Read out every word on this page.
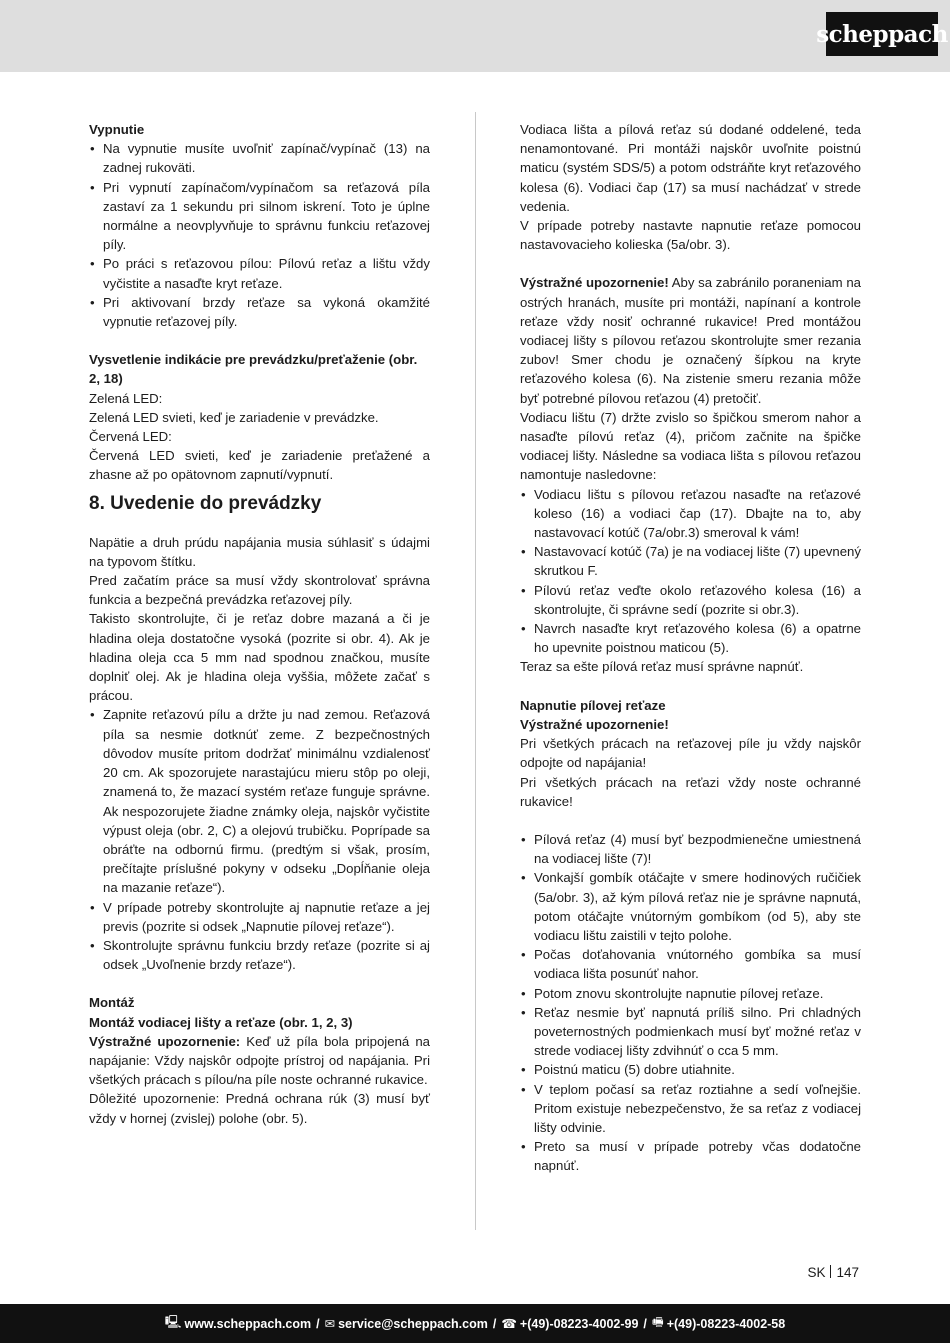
scheppach

Vypnutie

• Na vypnutie musíte uvoľniť zapínač/vypínač (13) na zadnej rukoväti.
• Pri vypnutí zapínačom/vypínačom sa reťazová píla zastaví za 1 sekundu pri silnom iskrení. Toto je úplne normálne a neovplyvňuje to správnu funkciu reťazovej píly.
• Po práci s reťazovou pílou: Pílovú reťaz a lištu vždy vyčistite a nasaďte kryt reťaze.
• Pri aktivovaní brzdy reťaze sa vykoná okamžité vypnutie reťazovej píly.

Vysvetlenie indikácie pre prevádzku/preťaženie (obr. 2, 18)

Zelená LED:

Zelená LED svieti, keď je zariadenie v prevádzke.

Červená LED:

Červená LED svieti, keď je zariadenie preťažené a zhasne až po opätovnom zapnutí/vypnutí.

8. Uvedenie do prevádzky

Napätie a druh prúdu napájania musia súhlasiť s údajmi na typovom štítku.

Pred začatím práce sa musí vždy skontrolovať správna funkcia a bezpečná prevádzka reťazovej píly.

Takisto skontrolujte, či je reťaz dobre mazaná a či je hladina oleja dostatočne vysoká (pozrite si obr. 4). Ak je hladina oleja cca 5 mm nad spodnou značkou, musíte doplniť olej. Ak je hladina oleja vyššia, môžete začať s prácou.

• Zapnite reťazovú pílu a držte ju nad zemou. Reťazová píla sa nesmie dotknúť zeme. Z bezpečnostných dôvodov musíte pritom dodržať minimálnu vzdialenosť 20 cm. Ak spozorujete narastajúcu mieru stôp po oleji, znamená to, že mazací systém reťaze funguje správne. Ak nespozorujete žiadne známky oleja, najskôr vyčistite výpust oleja (obr. 2, C) a olejovú trubičku. Poprípade sa obráťte na odbornú firmu. (predtým si však, prosím, prečítajte príslušné pokyny v odseku „Dopĺňanie oleja na mazanie reťaze“).
• V prípade potreby skontrolujte aj napnutie reťaze a jej previs (pozrite si odsek „Napnutie pílovej reťaze“).
• Skontrolujte správnu funkciu brzdy reťaze (pozrite si aj odsek „Uvoľnenie brzdy reťaze“).

Montáž

Montáž vodiacej lišty a reťaze (obr. 1, 2, 3)

Výstražné upozornenie: Keď už píla bola pripojená na napájanie: Vždy najskôr odpojte prístroj od napájania. Pri všetkých prácach s pílou/na píle noste ochranné rukavice.

Dôležité upozornenie: Predná ochrana rúk (3) musí byť vždy v hornej (zvislej) polohe (obr. 5).

Vodiaca lišta a pílová reťaz sú dodané oddelené, teda nenamontované. Pri montáži najskôr uvoľnite poistnú maticu (systém SDS/5) a potom odstráňte kryt reťazového kolesa (6). Vodiaci čap (17) sa musí nachádzať v strede vedenia.

V prípade potreby nastavte napnutie reťaze pomocou nastavovacieho kolieska (5a/obr. 3).

Výstražné upozornenie! Aby sa zabránilo poraneniam na ostrých hranách, musíte pri montáži, napínaní a kontrole reťaze vždy nosiť ochranné rukavice! Pred montážou vodiacej lišty s pílovou reťazou skontrolujte smer rezania zubov! Smer chodu je označený šípkou na kryte reťazového kolesa (6). Na zistenie smeru rezania môže byť potrebné pílovou reťazou (4) pretočiť.

Vodiacu lištu (7) držte zvislo so špičkou smerom nahor a nasaďte pílovú reťaz (4), pričom začnite na špičke vodiacej lišty. Následne sa vodiaca lišta s pílovou reťazou namontuje nasledovne:

• Vodiacu lištu s pílovou reťazou nasaďte na reťazové koleso (16) a vodiaci čap (17). Dbajte na to, aby nastavovací kotúč (7a/obr.3) smeroval k vám!
• Nastavovací kotúč (7a) je na vodiacej lište (7) upevnený skrutkou F.
• Pílovú reťaz veďte okolo reťazového kolesa (16) a skontrolujte, či správne sedí (pozrite si obr.3).
• Navrch nasaďte kryt reťazového kolesa (6) a opatrne ho upevnite poistnou maticou (5).

Teraz sa ešte pílová reťaz musí správne napnúť.

Napnutie pílovej reťaze

Výstražné upozornenie!

Pri všetkých prácach na reťazovej píle ju vždy najskôr odpojte od napájania!

Pri všetkých prácach na reťazi vždy noste ochranné rukavice!

• Pílová reťaz (4) musí byť bezpodmienečne umiestnená na vodiacej lište (7)!
• Vonkajší gombík otáčajte v smere hodinových ručičiek (5a/obr. 3), až kým pílová reťaz nie je správne napnutá, potom otáčajte vnútorným gombíkom (od 5), aby ste vodiacu lištu zaistili v tejto polohe.
• Počas doťahovania vnútorného gombíka sa musí vodiaca lišta posunúť nahor.
• Potom znovu skontrolujte napnutie pílovej reťaze.
• Reťaz nesmie byť napnutá príliš silno. Pri chladných poveternostných podmienkach musí byť možné reťaz v strede vodiacej lišty zdvihnúť o cca 5 mm.
• Poistnú maticu (5) dobre utiahnite.
• V teplom počasí sa reťaz roztiahne a sedí voľnejšie. Pritom existuje nebezpečenstvo, že sa reťaz z vodiacej lišty odvinie.
• Preto sa musí v prípade potreby včas dodatočne napnúť.
SK 147
🖳 www.scheppach.com / ✉ service@scheppach.com / ☎ +(49)-08223-4002-99 / 🖷 +(49)-08223-4002-58
